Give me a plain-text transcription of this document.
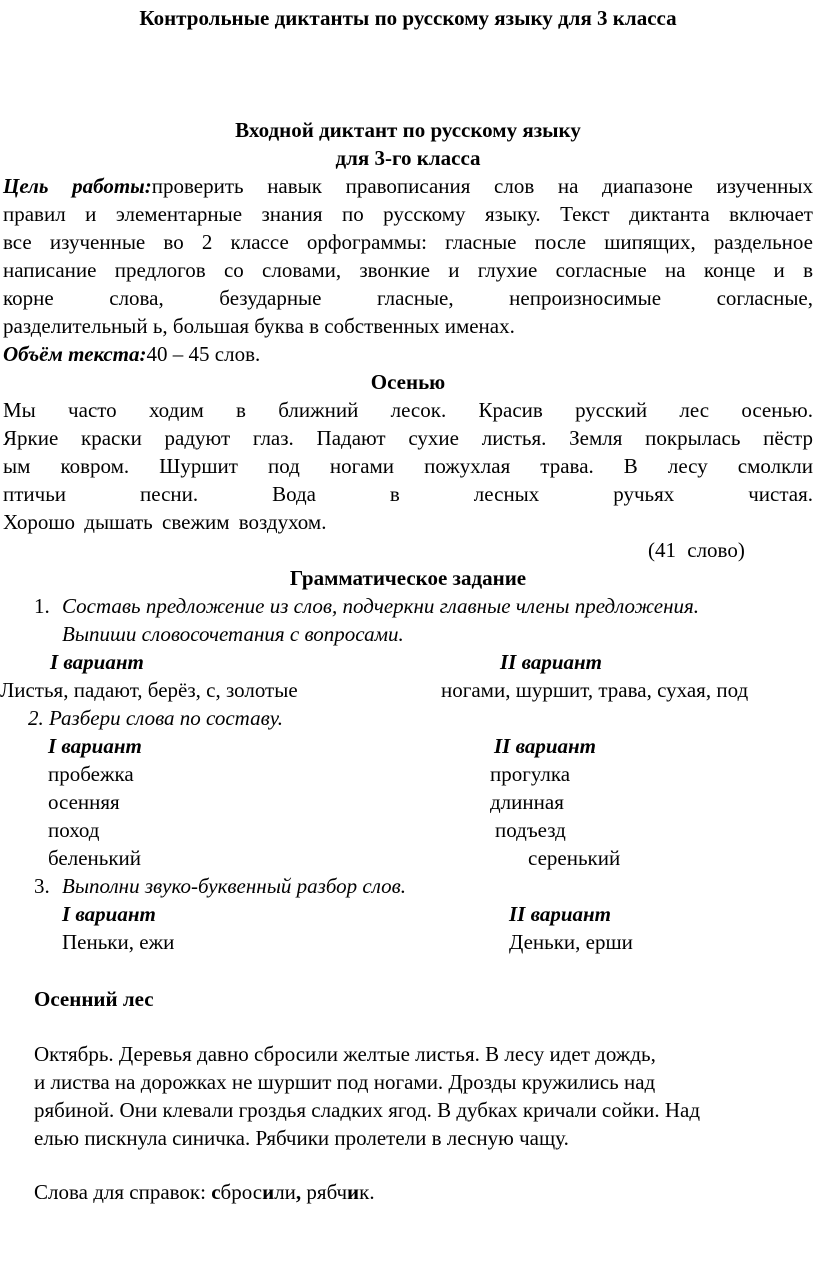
Контрольные диктанты по русскому языку для 3 класса
Входной диктант по русскому языку
для 3-го класса
Цель работы:проверить навык правописания слов на диапазоне изученных
правил и элементарные знания по русскому языку. Текст диктанта включает
все изученные во 2 классе орфограммы: гласные после шипящих, раздельное
написание предлогов со словами, звонкие и глухие согласные на конце и в
корне слова, безударные гласные, непроизносимые согласные,
разделительный ь, большая буква в собственных именах.
Объём текста:40 – 45 слов.
Осенью
Мы часто ходим в ближний лесок. Красив русский лес осенью.
Яркие краски радуют глаз. Падают сухие листья. Земля покрылась пёстр
ым ковром. Шуршит под ногами пожухлая трава. В лесу смолкли
птичьи песни. Вода в лесных ручьях чистая.
Хорошо дышать свежим воздухом.
(41 слово)
Грамматическое задание
1. Составь предложение из слов, подчеркни главные члены предложения.
Выпиши словосочетания с вопросами.
I вариант	II вариант
Листья, падают, берёз, с, золотые	ногами, шуршит, трава, сухая, под
2. Разбери слова по составу.
I вариант	II вариант
пробежка	прогулка
осенняя	длинная
поход	подъезд
беленький	серенький
3. Выполни звуко-буквенный разбор слов.
I вариант	II вариант
Пеньки, ежи	Деньки, ерши
Осенний лес
Октябрь. Деревья давно сбросили желтые листья. В лесу идет дождь,
и листва на дорожках не шуршит под ногами. Дрозды кружились над
рябиной. Они клевали гроздья сладких ягод. В дубках кричали сойки. Над
елью пискнула синичка. Рябчики пролетели в лесную чащу.
Слова для справок: сбросили, рябчик.
